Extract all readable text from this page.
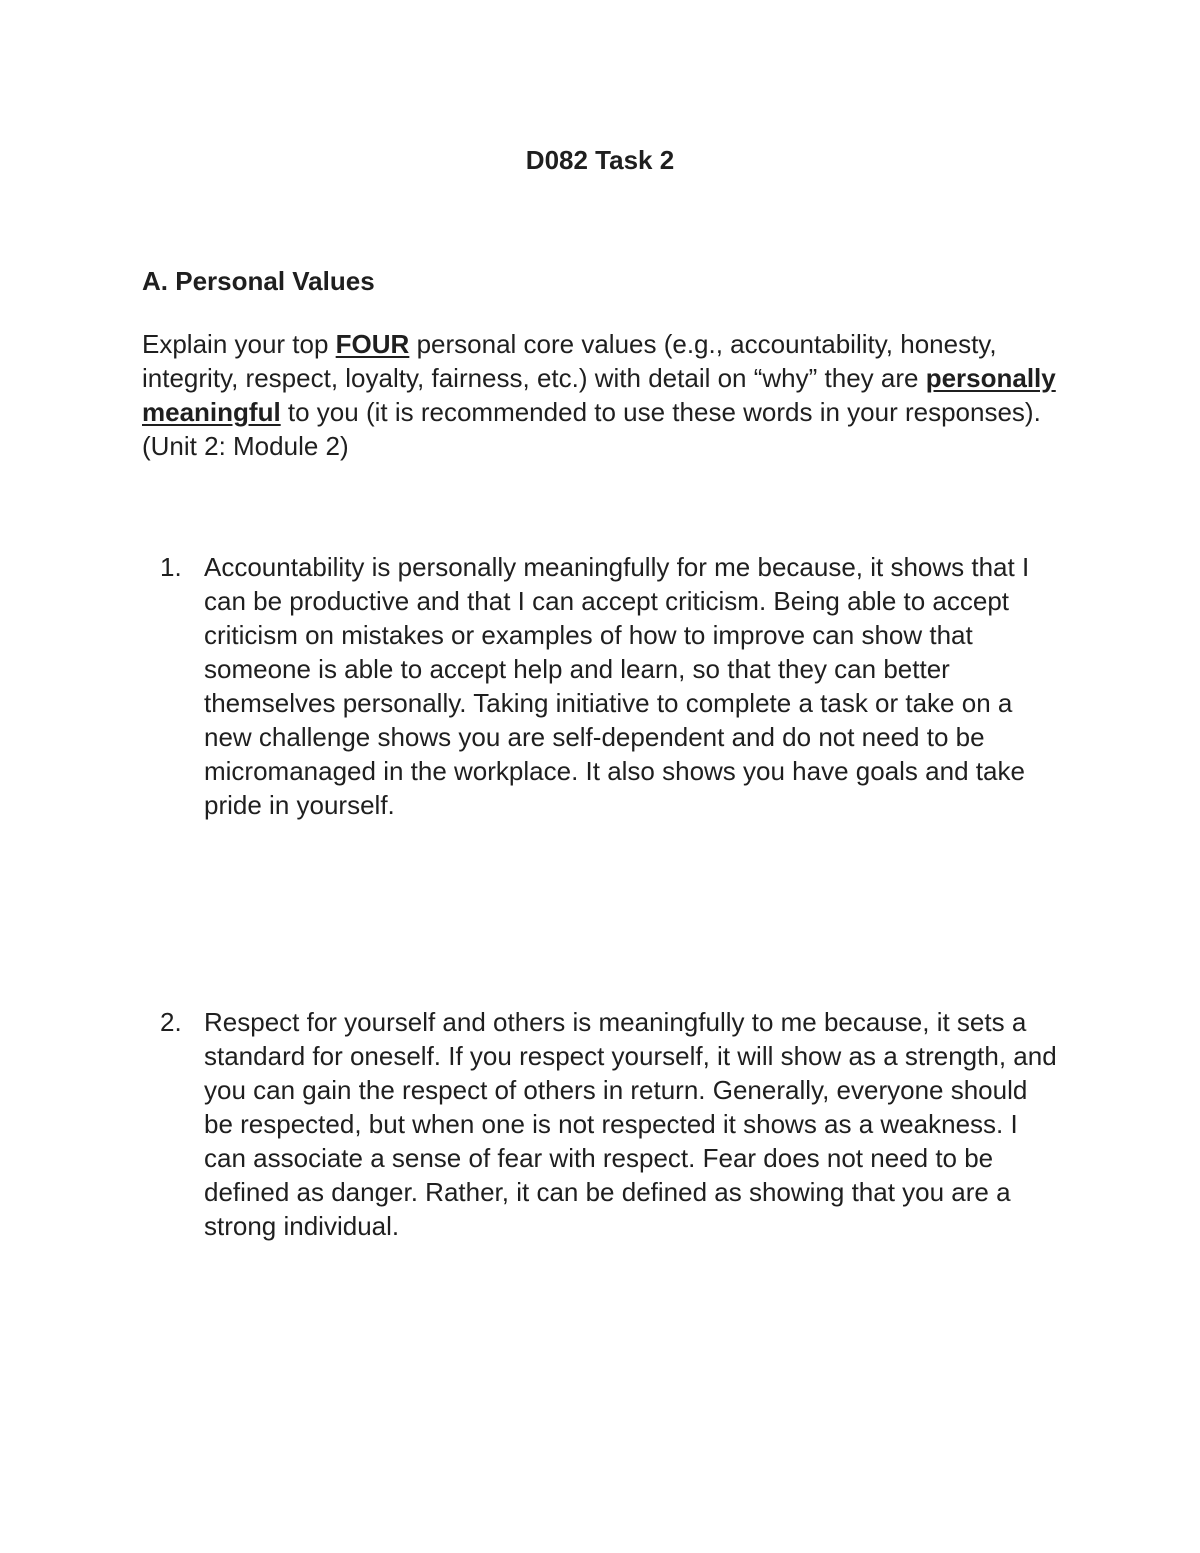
D082 Task 2
A. Personal Values

Explain your top FOUR personal core values (e.g., accountability, honesty, integrity, respect, loyalty, fairness, etc.) with detail on “why” they are personally meaningful to you (it is recommended to use these words in your responses). (Unit 2: Module 2)

1. Accountability is personally meaningfully for me because, it shows that I can be productive and that I can accept criticism. Being able to accept criticism on mistakes or examples of how to improve can show that someone is able to accept help and learn, so that they can better themselves personally. Taking initiative to complete a task or take on a new challenge shows you are self-dependent and do not need to be micromanaged in the workplace. It also shows you have goals and take pride in yourself.
2. Respect for yourself and others is meaningfully to me because, it sets a standard for oneself. If you respect yourself, it will show as a strength, and you can gain the respect of others in return. Generally, everyone should be respected, but when one is not respected it shows as a weakness. I can associate a sense of fear with respect. Fear does not need to be defined as danger. Rather, it can be defined as showing that you are a strong individual.
